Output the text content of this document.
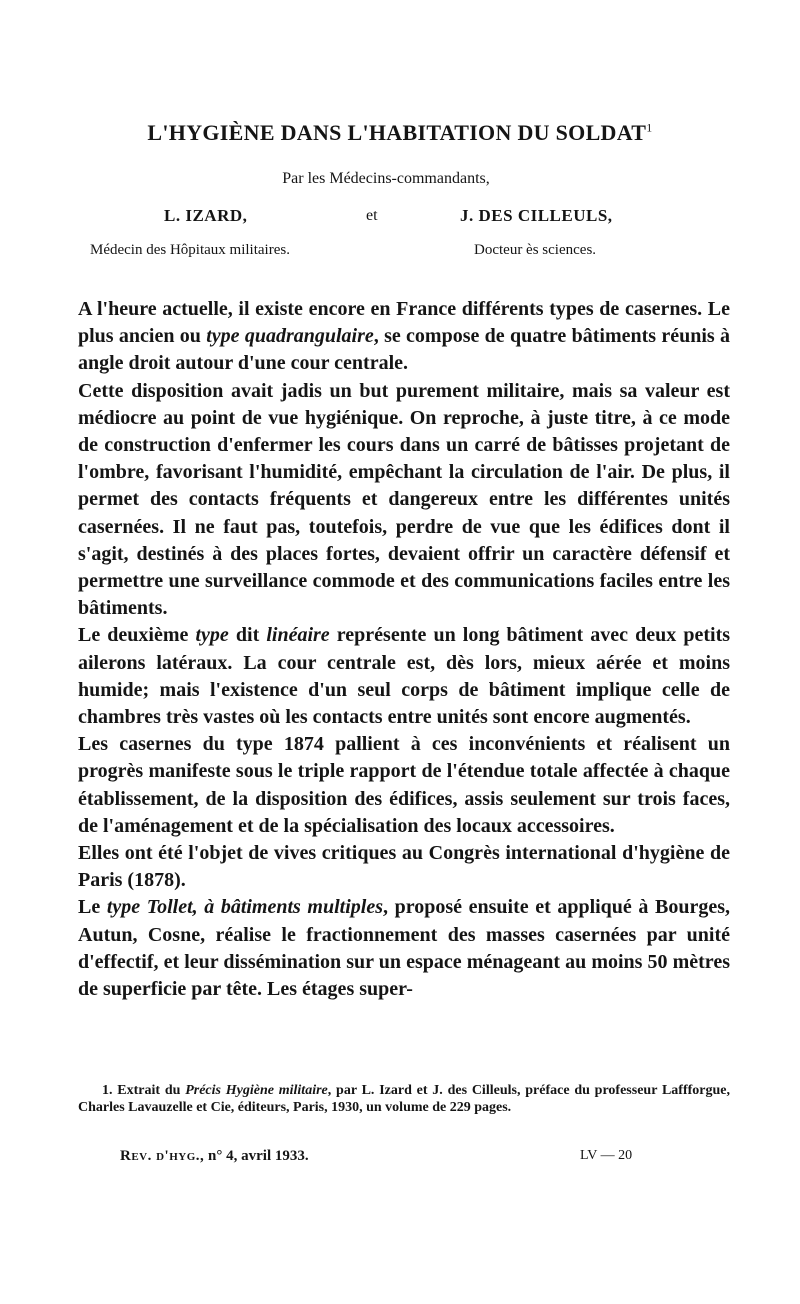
L'HYGIÈNE DANS L'HABITATION DU SOLDAT$^1$
Par les Médecins-commandants,
L. IZARD,	et	J. DES CILLEULS,
Médecin des Hôpitaux militaires.	Docteur ès sciences.

A l'heure actuelle, il existe encore en France différents types de casernes. Le plus ancien ou type quadrangulaire, se compose de quatre bâtiments réunis à angle droit autour d'une cour centrale.

Cette disposition avait jadis un but purement militaire, mais sa valeur est médiocre au point de vue hygiénique. On reproche, à juste titre, à ce mode de construction d'enfermer les cours dans un carré de bâtisses projetant de l'ombre, favorisant l'humidité, empêchant la circulation de l'air. De plus, il permet des contacts fréquents et dangereux entre les différentes unités casernées. Il ne faut pas, toutefois, perdre de vue que les édifices dont il s'agit, destinés à des places fortes, devaient offrir un caractère défensif et permettre une surveillance commode et des communications faciles entre les bâtiments.

Le deuxième type dit linéaire représente un long bâtiment avec deux petits ailerons latéraux. La cour centrale est, dès lors, mieux aérée et moins humide; mais l'existence d'un seul corps de bâtiment implique celle de chambres très vastes où les contacts entre unités sont encore augmentés.

Les casernes du type 1874 pallient à ces inconvénients et réalisent un progrès manifeste sous le triple rapport de l'étendue totale affectée à chaque établissement, de la disposition des édifices, assis seulement sur trois faces, de l'aménagement et de la spécialisation des locaux accessoires.

Elles ont été l'objet de vives critiques au Congrès international d'hygiène de Paris (1878).

Le type Tollet, à bâtiments multiples, proposé ensuite et appliqué à Bourges, Autun, Cosne, réalise le fractionnement des masses casernées par unité d'effectif, et leur dissémination sur un espace ménageant au moins 50 mètres de superficie par tête. Les étages super-

1. Extrait du Précis Hygiène militaire, par L. Izard et J. des Cilleuls, préface du professeur Laffforgue, Charles Lavauzelle et Cie, éditeurs, Paris, 1930, un volume de 229 pages.
Rev. d'hyg., n° 4, avril 1933.	LV — 20
